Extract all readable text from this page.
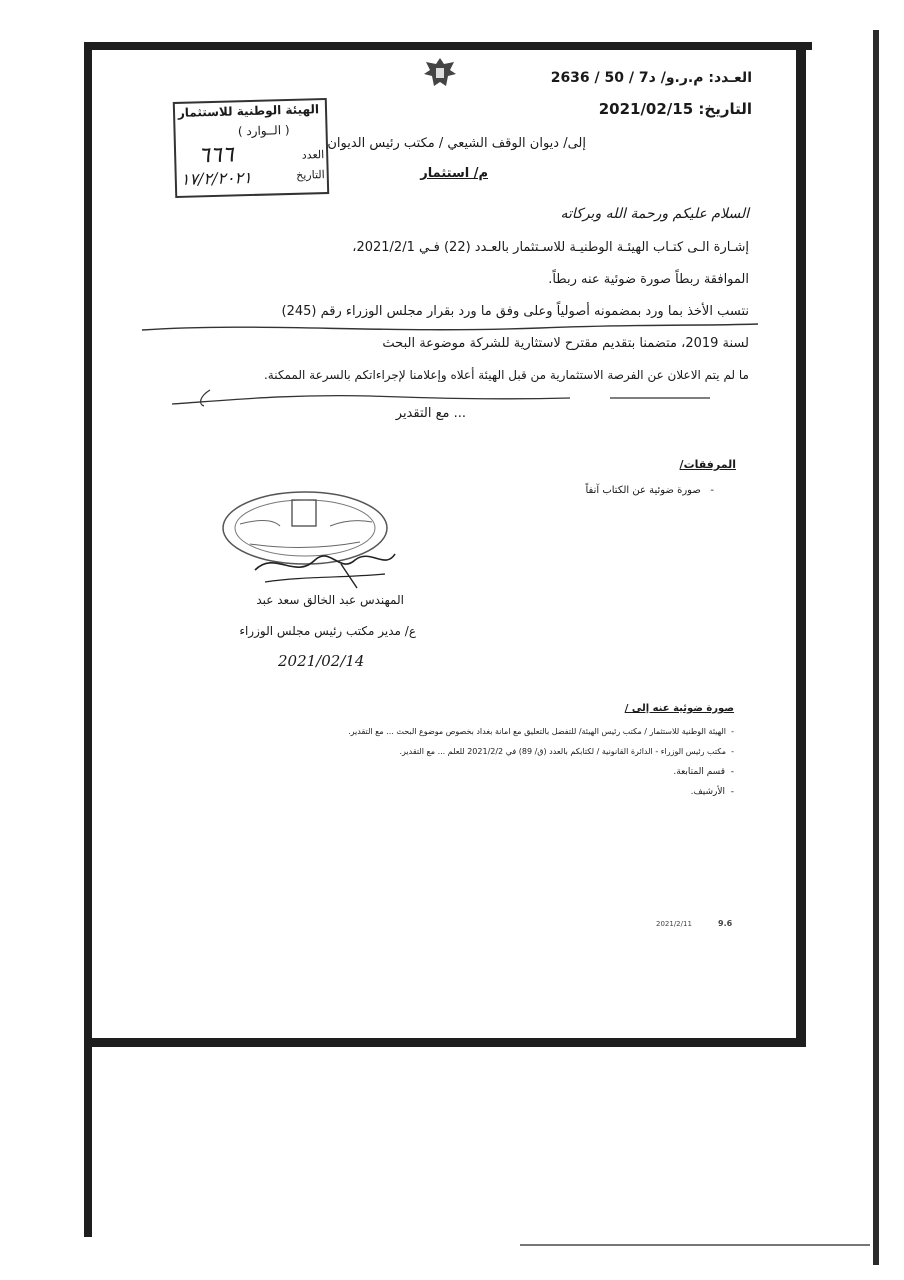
العـدد: م.ر.و/ د7 / 50 / 2636
التاريخ: 2021/02/15
الهيئة الوطنية للاستثمار
( الــوارد )
العدد
التاريخ
٦٦٦
١٧/٢/٢٠٢١
إلى/ ديوان الوقف الشيعي / مكتب رئيس الديوان
م/ استثمار
السلام عليكم ورحمة الله وبركاته
إشـارة الـى كتـاب الهيئـة الوطنيـة للاسـتثمار بالعـدد (22) فـي 2021/2/1،
الموافقة ربطاً صورة ضوئية عنه ربطاً.
نتسب الأخذ بما ورد بمضمونه أصولياً وعلى وفق ما ورد بقرار مجلس الوزراء رقم (245)
لسنة 2019، متضمنا بتقديم مقترح لاستثارية للشركة موضوعة البحث
ما لم يتم الاعلان عن الفرصة الاستثمارية من قبل الهيئة أعلاه وإعلامنا لإجراءاتكم بالسرعة الممكنة.
... مع التقدير
المرفقات/
-   صورة ضوئية عن الكتاب آنفاً
المهندس عبد الخالق سعد عبد
ع/ مدير مكتب رئيس مجلس الوزراء
2021/02/14
صورة ضوئية عنه إلى /
-  الهيئة الوطنية للاستثمار / مكتب رئيس الهيئة/ للتفضل بالتعليق مع امانة بغداد بخصوص موضوع البحث ... مع التقدير.
-  مكتب رئيس الوزراء - الدائرة القانونية / لكتابكم بالعدد (ق/ 89) في 2021/2/2 للعلم ... مع التقدير.
-  قسم المتابعة.
-  الأرشيف.
2021/2/11	9.6
